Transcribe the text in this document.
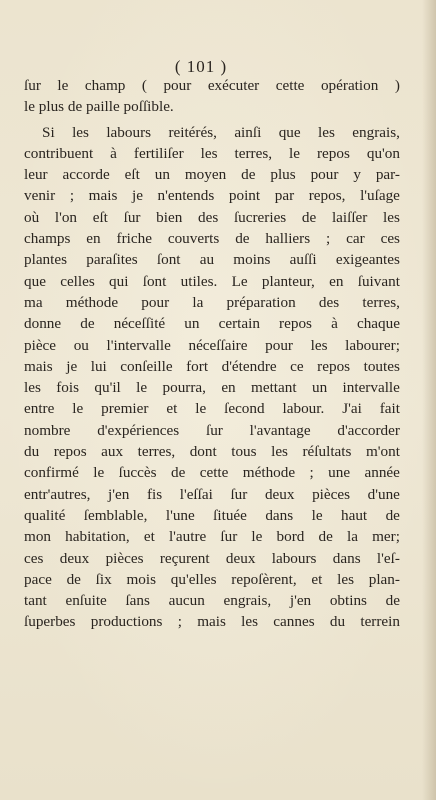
( 101 )
ſur le champ ( pour exécuter cette opération )
le plus de paille poſſible.
Si les labours reitérés, ainſi que les engrais,
contribuent à fertiliſer les terres, le repos qu'on
leur accorde eſt un moyen de plus pour y par-
venir ; mais je n'entends point par repos, l'uſage
où l'on eſt ſur bien des ſucreries de laiſſer les
champs en friche couverts de halliers ; car ces
plantes paraſites ſont au moins auſſi exigeantes
que celles qui ſont utiles. Le planteur, en ſuivant
ma méthode pour la préparation des terres,
donne de néceſſité un certain repos à chaque
pièce ou l'intervalle néceſſaire pour les labourer;
mais je lui conſeille fort d'étendre ce repos toutes
les fois qu'il le pourra, en mettant un intervalle
entre le premier et le ſecond labour. J'ai fait
nombre d'expériences ſur l'avantage d'accorder
du repos aux terres, dont tous les réſultats m'ont
confirmé le ſuccès de cette méthode ; une année
entr'autres, j'en fis l'eſſai ſur deux pièces d'une
qualité ſemblable, l'une ſituée dans le haut de
mon habitation, et l'autre ſur le bord de la mer;
ces deux pièces reçurent deux labours dans l'eſ-
pace de ſix mois qu'elles repoſèrent, et les plan-
tant enſuite ſans aucun engrais, j'en obtins de
ſuperbes productions ; mais les cannes du terrein
